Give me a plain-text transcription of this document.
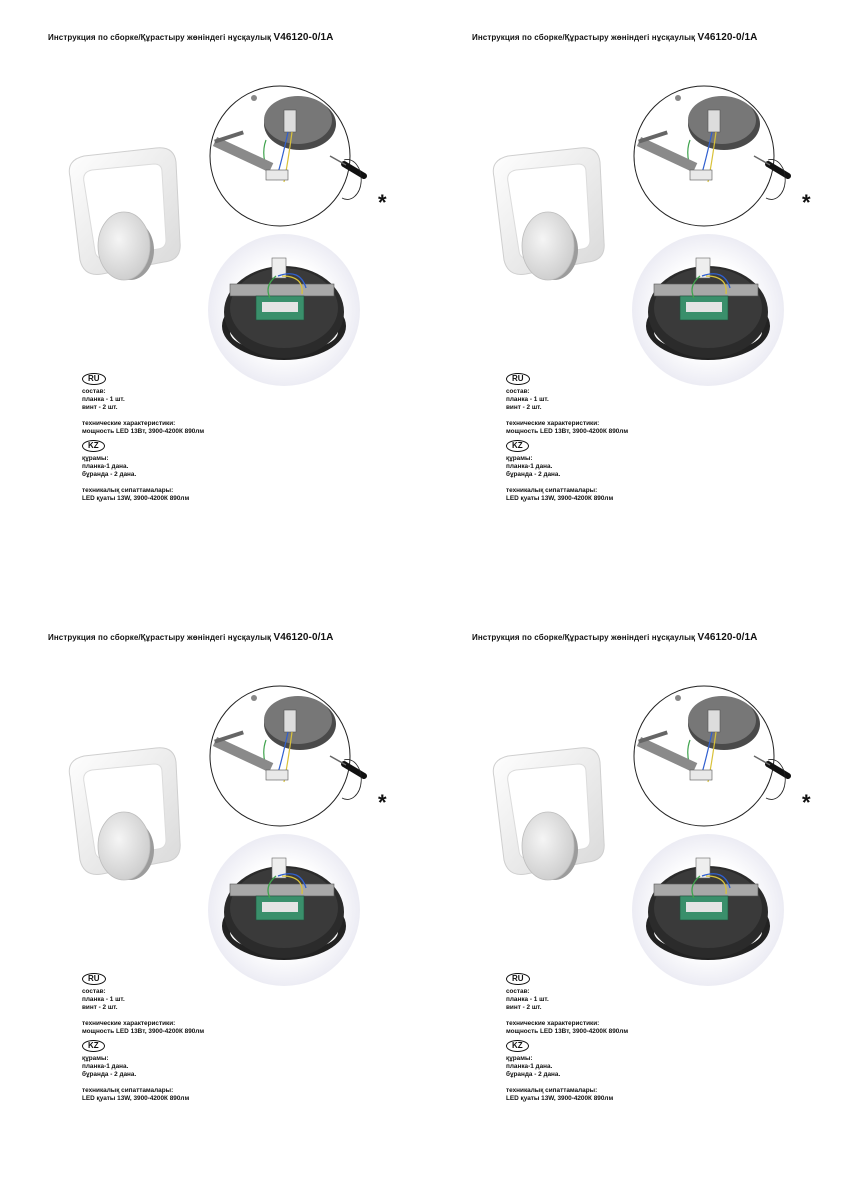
Инструкция по сборке/Құрастыру жөніндегі нұсқаулық V46120-0/1A
RU
состав:
планка - 1 шт.
винт - 2 шт.
технические характеристики:
мощность LED 13Вт, 3900-4200К 890лм
KZ
құрамы:
планка-1 дана.
бұранда - 2 дана.
техникалық сипаттамалары:
LED қуаты 13W, 3900-4200К 890лм
*
Инструкция по сборке/Құрастыру жөніндегі нұсқаулық V46120-0/1A
RU
состав:
планка - 1 шт.
винт - 2 шт.
технические характеристики:
мощность LED 13Вт, 3900-4200К 890лм
KZ
құрамы:
планка-1 дана.
бұранда - 2 дана.
техникалық сипаттамалары:
LED қуаты 13W, 3900-4200К 890лм
*
Инструкция по сборке/Құрастыру жөніндегі нұсқаулық V46120-0/1A
RU
состав:
планка - 1 шт.
винт - 2 шт.
технические характеристики:
мощность LED 13Вт, 3900-4200К 890лм
KZ
құрамы:
планка-1 дана.
бұранда - 2 дана.
техникалық сипаттамалары:
LED қуаты 13W, 3900-4200К 890лм
*
Инструкция по сборке/Құрастыру жөніндегі нұсқаулық V46120-0/1A
RU
состав:
планка - 1 шт.
винт - 2 шт.
технические характеристики:
мощность LED 13Вт, 3900-4200К 890лм
KZ
құрамы:
планка-1 дана.
бұранда - 2 дана.
техникалық сипаттамалары:
LED қуаты 13W, 3900-4200К 890лм
*
